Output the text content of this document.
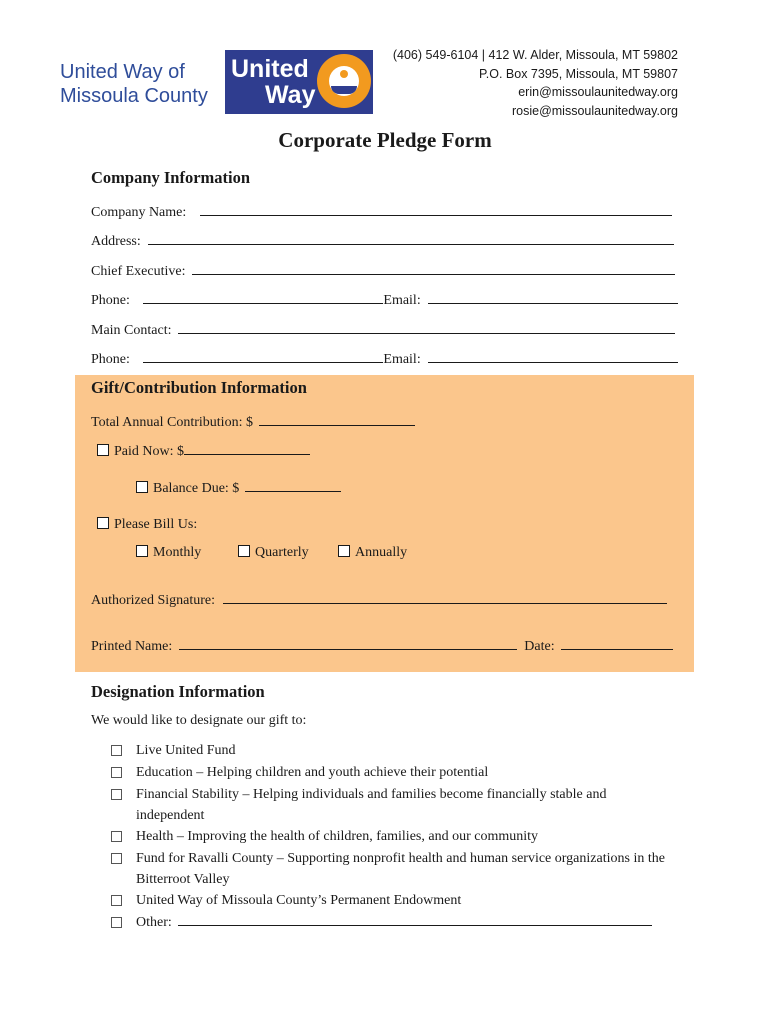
United Way of
Missoula County
United
Way
(406) 549-6104 | 412 W. Alder, Missoula, MT 59802
P.O. Box 7395, Missoula, MT 59807
erin@missoulaunitedway.org
rosie@missoulaunitedway.org
Corporate Pledge Form
Company Information
Company Name:
Address:
Chief Executive:
Phone:	Email:
Main Contact:
Phone:	Email:
Gift/Contribution Information
Total Annual Contribution: $
Paid Now: $
Balance Due: $
Please Bill Us:
Monthly	Quarterly	Annually
Authorized Signature:
Printed Name:	Date:
Designation Information
We would like to designate our gift to:
Live United Fund
Education – Helping children and youth achieve their potential
Financial Stability – Helping individuals and families become financially stable and independent
Health – Improving the health of children, families, and our community
Fund for Ravalli County – Supporting nonprofit health and human service organizations in the Bitterroot Valley
United Way of Missoula County’s Permanent Endowment
Other:
